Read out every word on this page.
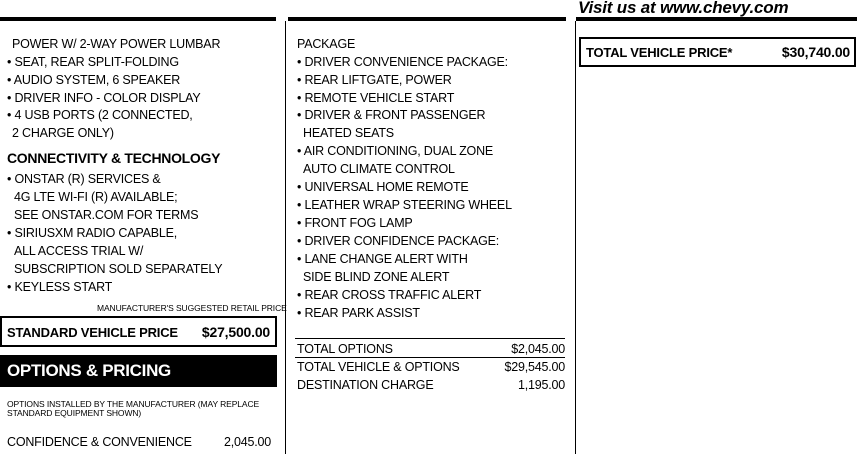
Visit us at www.chevy.com
POWER W/ 2-WAY POWER LUMBAR
• SEAT, REAR SPLIT-FOLDING
• AUDIO SYSTEM, 6 SPEAKER
• DRIVER INFO - COLOR DISPLAY
• 4 USB PORTS (2 CONNECTED,
2 CHARGE ONLY)
CONNECTIVITY & TECHNOLOGY
• ONSTAR (R) SERVICES &
4G LTE WI-FI (R) AVAILABLE;
SEE ONSTAR.COM FOR TERMS
• SIRIUSXM RADIO CAPABLE,
ALL ACCESS TRIAL W/
SUBSCRIPTION SOLD SEPARATELY
• KEYLESS START
MANUFACTURER'S SUGGESTED RETAIL PRICE
STANDARD VEHICLE PRICE $27,500.00
OPTIONS & PRICING
OPTIONS INSTALLED BY THE MANUFACTURER (MAY REPLACE STANDARD EQUIPMENT SHOWN)
CONFIDENCE & CONVENIENCE	2,045.00
PACKAGE
• DRIVER CONVENIENCE PACKAGE:
• REAR LIFTGATE, POWER
• REMOTE VEHICLE START
• DRIVER & FRONT PASSENGER
HEATED SEATS
• AIR CONDITIONING, DUAL ZONE
AUTO CLIMATE CONTROL
• UNIVERSAL HOME REMOTE
• LEATHER WRAP STEERING WHEEL
• FRONT FOG LAMP
• DRIVER CONFIDENCE PACKAGE:
• LANE CHANGE ALERT WITH
SIDE BLIND ZONE ALERT
• REAR CROSS TRAFFIC ALERT
• REAR PARK ASSIST
TOTAL OPTIONS	$2,045.00
TOTAL VEHICLE & OPTIONS	$29,545.00
DESTINATION CHARGE	1,195.00
TOTAL VEHICLE PRICE*	$30,740.00
